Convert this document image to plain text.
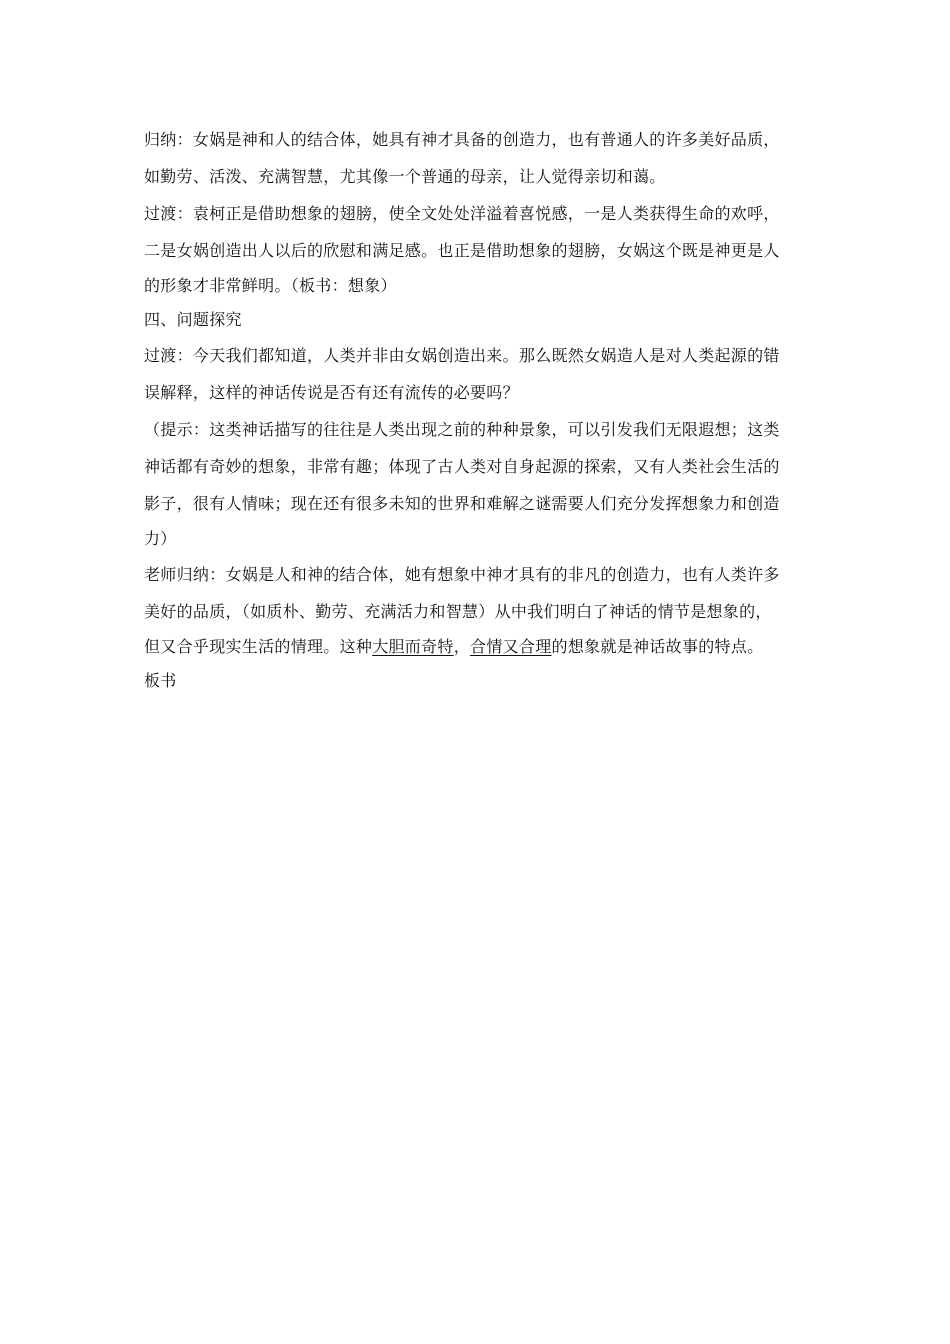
归纳：女娲是神和人的结合体，她具有神才具备的创造力，也有普通人的许多美好品质，
如勤劳、活泼、充满智慧，尤其像一个普通的母亲，让人觉得亲切和蔼。
过渡：袁柯正是借助想象的翅膀，使全文处处洋溢着喜悦感，一是人类获得生命的欢呼，
二是女娲创造出人以后的欣慰和满足感。也正是借助想象的翅膀，女娲这个既是神更是人
的形象才非常鲜明。（板书：想象）
四、问题探究
过渡：今天我们都知道，人类并非由女娲创造出来。那么既然女娲造人是对人类起源的错
误解释，这样的神话传说是否有还有流传的必要吗？
（提示：这类神话描写的往往是人类出现之前的种种景象，可以引发我们无限遐想；这类
神话都有奇妙的想象，非常有趣；体现了古人类对自身起源的探索，又有人类社会生活的
影子，很有人情味；现在还有很多未知的世界和难解之谜需要人们充分发挥想象力和创造
力）
老师归纳：女娲是人和神的结合体，她有想象中神才具有的非凡的创造力，也有人类许多
美好的品质，（如质朴、勤劳、充满活力和智慧）从中我们明白了神话的情节是想象的，
但又合乎现实生活的情理。这种大胆而奇特，合情又合理的想象就是神话故事的特点。
板书
